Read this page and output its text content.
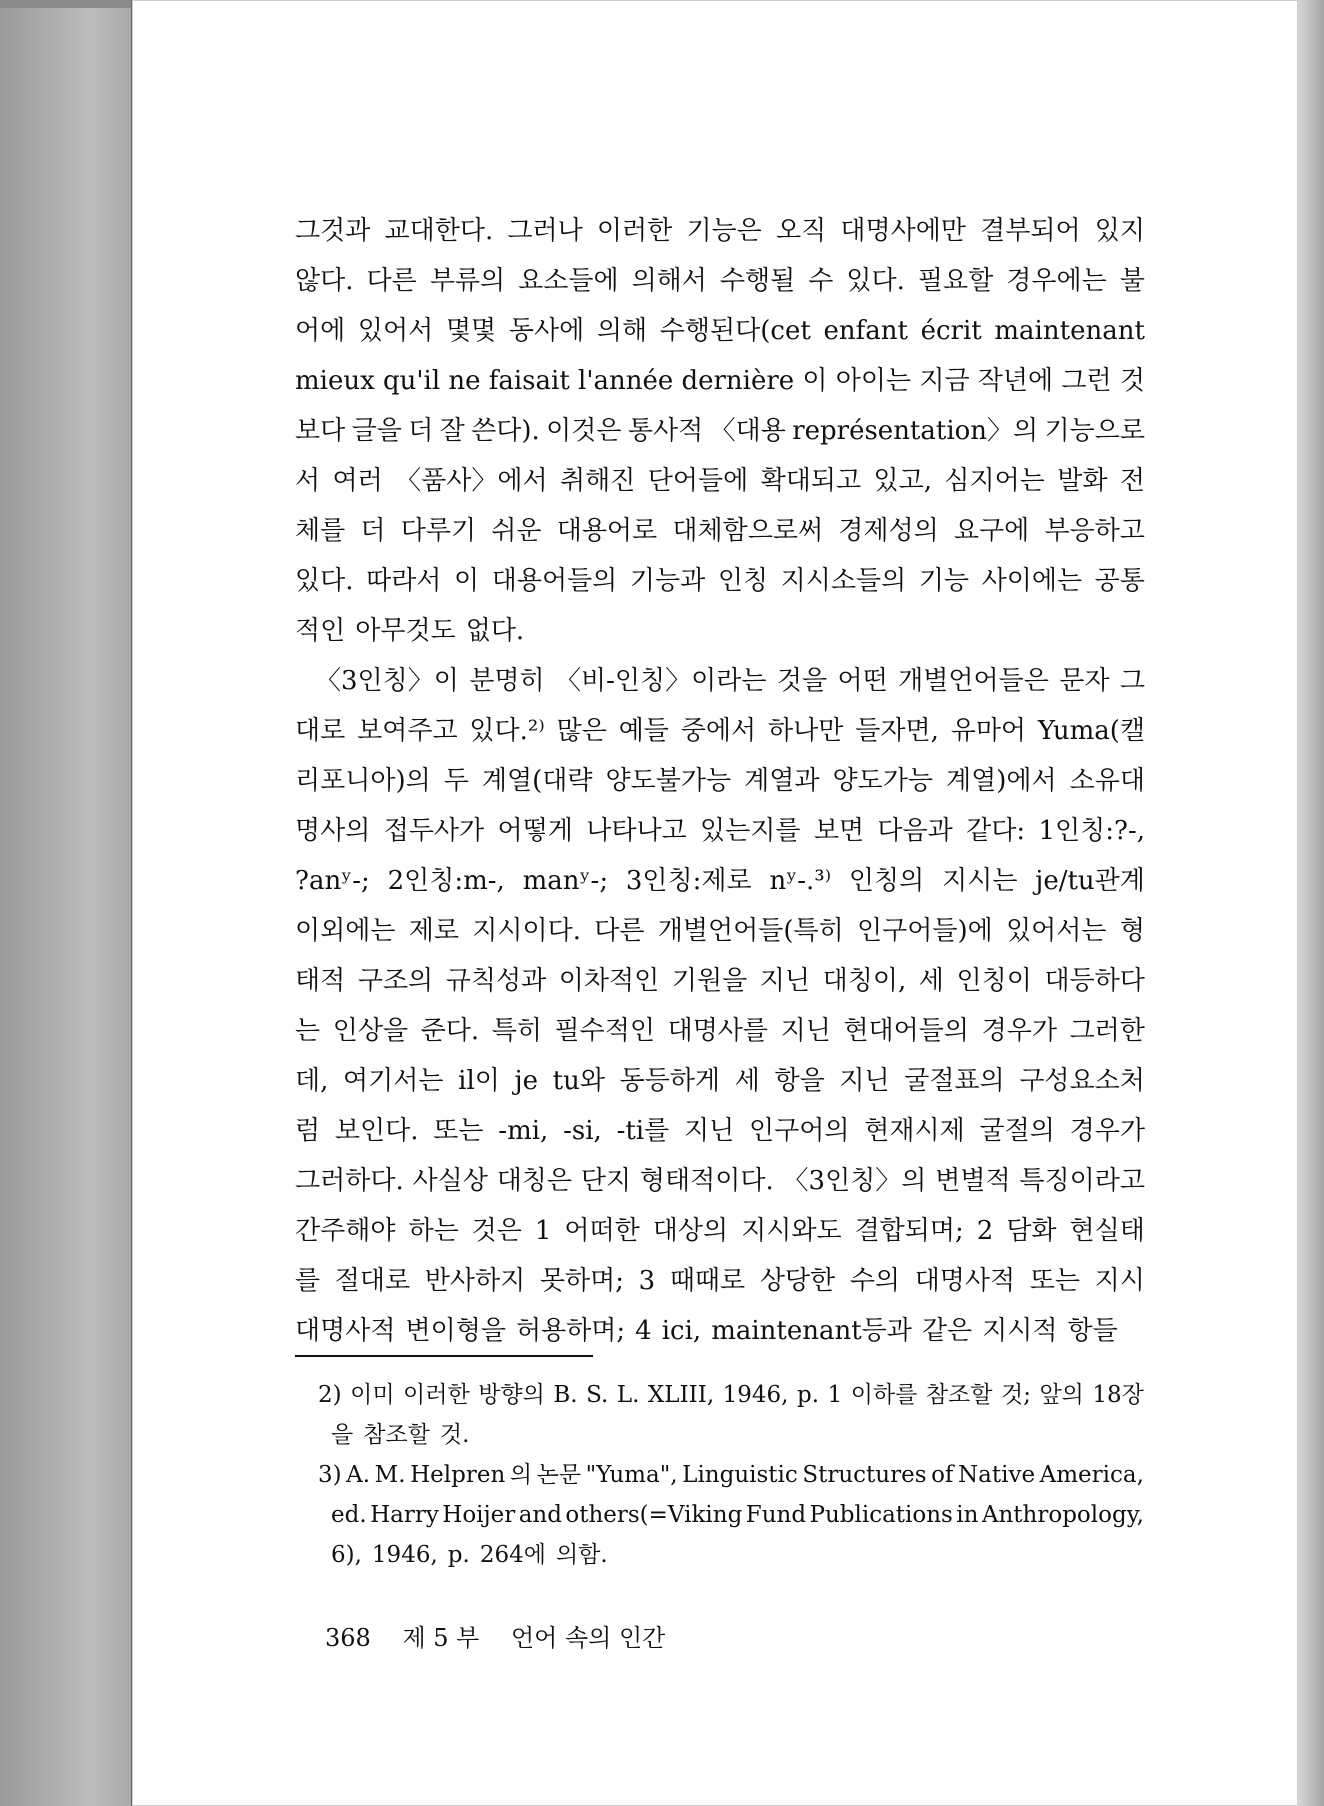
그것과 교대한다. 그러나 이러한 기능은 오직 대명사에만 결부되어 있지
않다. 다른 부류의 요소들에 의해서 수행될 수 있다. 필요할 경우에는 불
어에 있어서 몇몇 동사에 의해 수행된다(cet enfant écrit maintenant
mieux qu'il ne faisait l'année dernière 이 아이는 지금 작년에 그런 것
보다 글을 더 잘 쓴다). 이것은 통사적 〈대용 représentation〉의 기능으로
서 여러 〈품사〉에서 취해진 단어들에 확대되고 있고, 심지어는 발화 전
체를 더 다루기 쉬운 대용어로 대체함으로써 경제성의 요구에 부응하고
있다. 따라서 이 대용어들의 기능과 인칭 지시소들의 기능 사이에는 공통
적인 아무것도 없다.
〈3인칭〉이 분명히 〈비-인칭〉이라는 것을 어떤 개별언어들은 문자 그
대로 보여주고 있다.²⁾ 많은 예들 중에서 하나만 들자면, 유마어 Yuma(캘
리포니아)의 두 계열(대략 양도불가능 계열과 양도가능 계열)에서 소유대
명사의 접두사가 어떻게 나타나고 있는지를 보면 다음과 같다: 1인칭:?-,
?anʸ-; 2인칭:m-, manʸ-; 3인칭:제로 nʸ-.³⁾ 인칭의 지시는 je/tu관계
이외에는 제로 지시이다. 다른 개별언어들(특히 인구어들)에 있어서는 형
태적 구조의 규칙성과 이차적인 기원을 지닌 대칭이, 세 인칭이 대등하다
는 인상을 준다. 특히 필수적인 대명사를 지닌 현대어들의 경우가 그러한
데, 여기서는 il이 je tu와 동등하게 세 항을 지닌 굴절표의 구성요소처
럼 보인다. 또는 -mi, -si, -ti를 지닌 인구어의 현재시제 굴절의 경우가
그러하다. 사실상 대칭은 단지 형태적이다. 〈3인칭〉의 변별적 특징이라고
간주해야 하는 것은 1 어떠한 대상의 지시와도 결합되며; 2 담화 현실태
를 절대로 반사하지 못하며; 3 때때로 상당한 수의 대명사적 또는 지시
대명사적 변이형을 허용하며; 4 ici, maintenant등과 같은 지시적 항들
2) 이미 이러한 방향의 B. S. L. XLIII, 1946, p. 1 이하를 참조할 것; 앞의 18장
을 참조할 것.
3) A. M. Helpren 의 논문 "Yuma", Linguistic Structures of Native America,
ed. Harry Hoijer and others(=Viking Fund Publications in Anthropology,
6), 1946, p. 264에 의함.
368 제 5 부 언어 속의 인간
